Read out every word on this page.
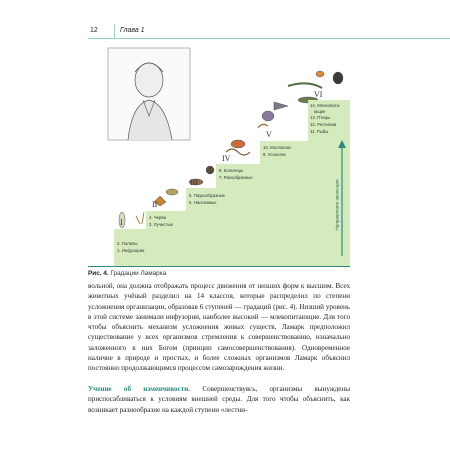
12	Глава 1
I
II
III
IV
V
VI
2. Полипы
1. Инфузории
4. Черви
3. Лучистые
6. Паукообразные
5. Насекомые
8. Кольчецы
7. Ракообразные
10. Моллюски
9. Усоногие
14. Млекопита-
ющие
13. Птицы
12. Рептилии
11. Рыбы
Направление эволюции
Рис. 4. Градации Ламарка

вольной, она должна отображать процесс движения от низших форм к высшим. Всех животных учёный разделил на 14 классов, которые распределил по степени усложнения организации, образовав 6 ступеней — градаций (рис. 4). Низший уровень в этой системе занимали инфузории, наиболее высокий — млекопитающие. Для того чтобы объяснить механизм усложнения живых существ, Ламарк предположил существование у всех организмов стремления к совершенствованию, изначально заложенного в них Богом (принцип самосовершенствования). Одновременное наличие в природе и простых, и более сложных организмов Ламарк объяснил постоянно продолжающимся процессом самозарождения жизни.

Учение об изменчивости. Совершенствуясь, организмы вынуждены приспосабливаться к условиям внешней среды. Для того чтобы объяснить, как возникает разнообразие на каждой ступени «лестни-
